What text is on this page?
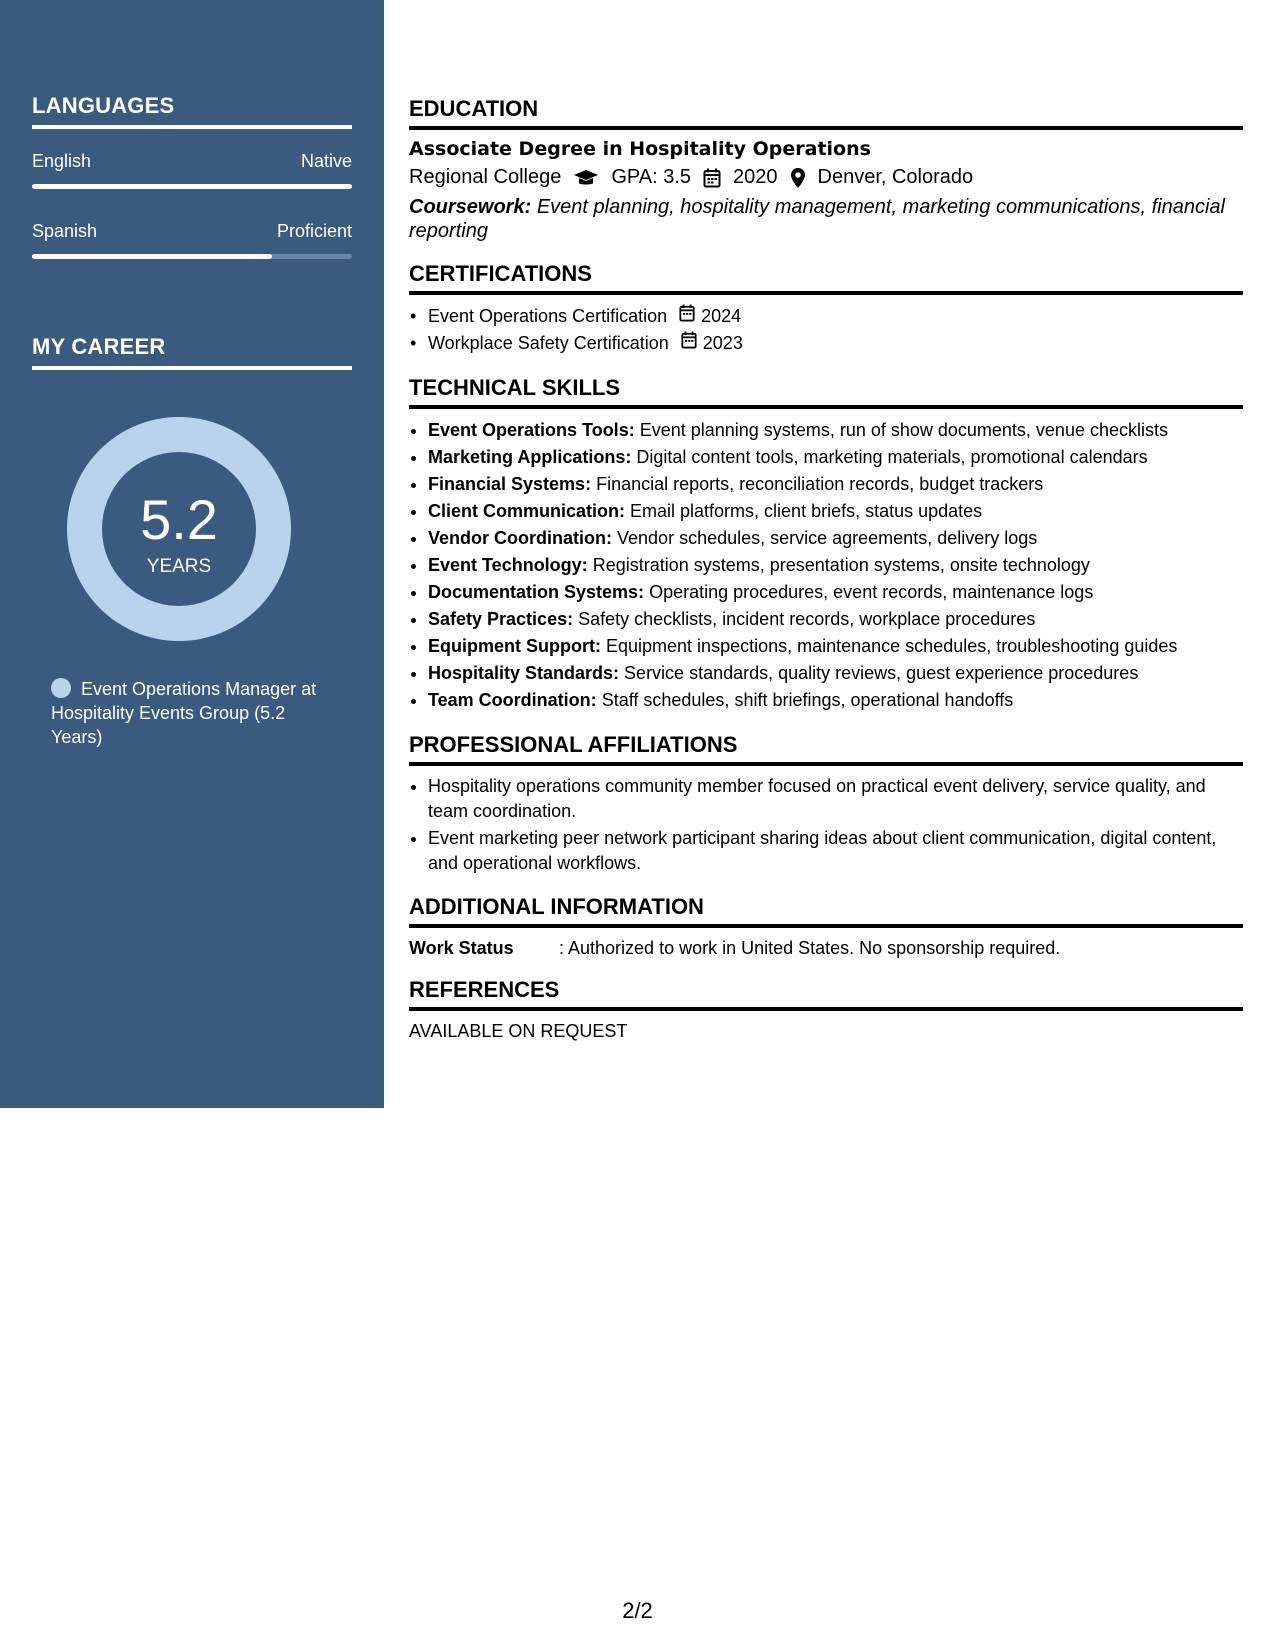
LANGUAGES
English	Native
Spanish	Proficient
MY CAREER
5.2
YEARS
Event Operations Manager at Hospitality Events Group (5.2 Years)
EDUCATION
Associate Degree in Hospitality Operations
Regional College	GPA: 3.5 2020 Denver, Colorado
Coursework: Event planning, hospitality management, marketing communications, financial reporting
CERTIFICATIONS
• Event Operations Certification 2024
• Workplace Safety Certification 2023
TECHNICAL SKILLS
• Event Operations Tools: Event planning systems, run of show documents, venue checklists
• Marketing Applications: Digital content tools, marketing materials, promotional calendars
• Financial Systems: Financial reports, reconciliation records, budget trackers
• Client Communication: Email platforms, client briefs, status updates
• Vendor Coordination: Vendor schedules, service agreements, delivery logs
• Event Technology: Registration systems, presentation systems, onsite technology
• Documentation Systems: Operating procedures, event records, maintenance logs
• Safety Practices: Safety checklists, incident records, workplace procedures
• Equipment Support: Equipment inspections, maintenance schedules, troubleshooting guides
• Hospitality Standards: Service standards, quality reviews, guest experience procedures
• Team Coordination: Staff schedules, shift briefings, operational handoffs
PROFESSIONAL AFFILIATIONS
• Hospitality operations community member focused on practical event delivery, service quality, and team coordination.
• Event marketing peer network participant sharing ideas about client communication, digital content, and operational workflows.
ADDITIONAL INFORMATION
Work Status	: Authorized to work in United States. No sponsorship required.
REFERENCES
AVAILABLE ON REQUEST
2/2
